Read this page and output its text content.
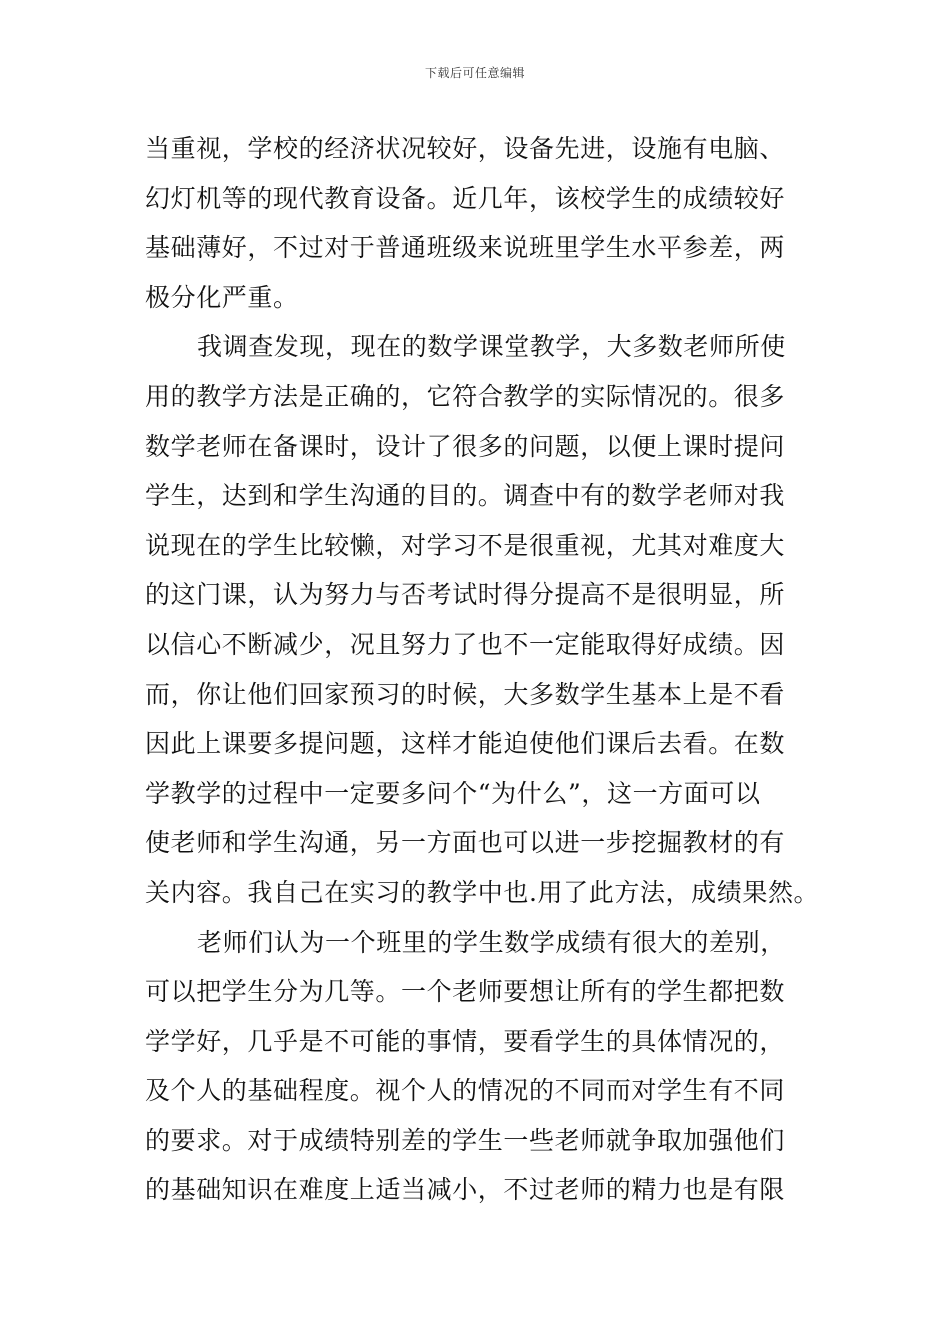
下载后可任意编辑
当重视，学校的经济状况较好，设备先进，设施有电脑、
幻灯机等的现代教育设备。近几年，该校学生的成绩较好
基础薄好，不过对于普通班级来说班里学生水平参差，两
极分化严重。
我调查发现，现在的数学课堂教学，大多数老师所使
用的教学方法是正确的，它符合教学的实际情况的。很多
数学老师在备课时，设计了很多的问题，以便上课时提问
学生，达到和学生沟通的目的。调查中有的数学老师对我
说现在的学生比较懒，对学习不是很重视，尤其对难度大
的这门课，认为努力与否考试时得分提高不是很明显，所
以信心不断减少，况且努力了也不一定能取得好成绩。因
而，你让他们回家预习的时候，大多数学生基本上是不看
因此上课要多提问题，这样才能迫使他们课后去看。在数
学教学的过程中一定要多问个“为什么”，这一方面可以
使老师和学生沟通，另一方面也可以进一步挖掘教材的有
关内容。我自己在实习的教学中也.用了此方法，成绩果然。
老师们认为一个班里的学生数学成绩有很大的差别，
可以把学生分为几等。一个老师要想让所有的学生都把数
学学好，几乎是不可能的事情，要看学生的具体情况的，
及个人的基础程度。视个人的情况的不同而对学生有不同
的要求。对于成绩特别差的学生一些老师就争取加强他们
的基础知识在难度上适当减小，不过老师的精力也是有限
